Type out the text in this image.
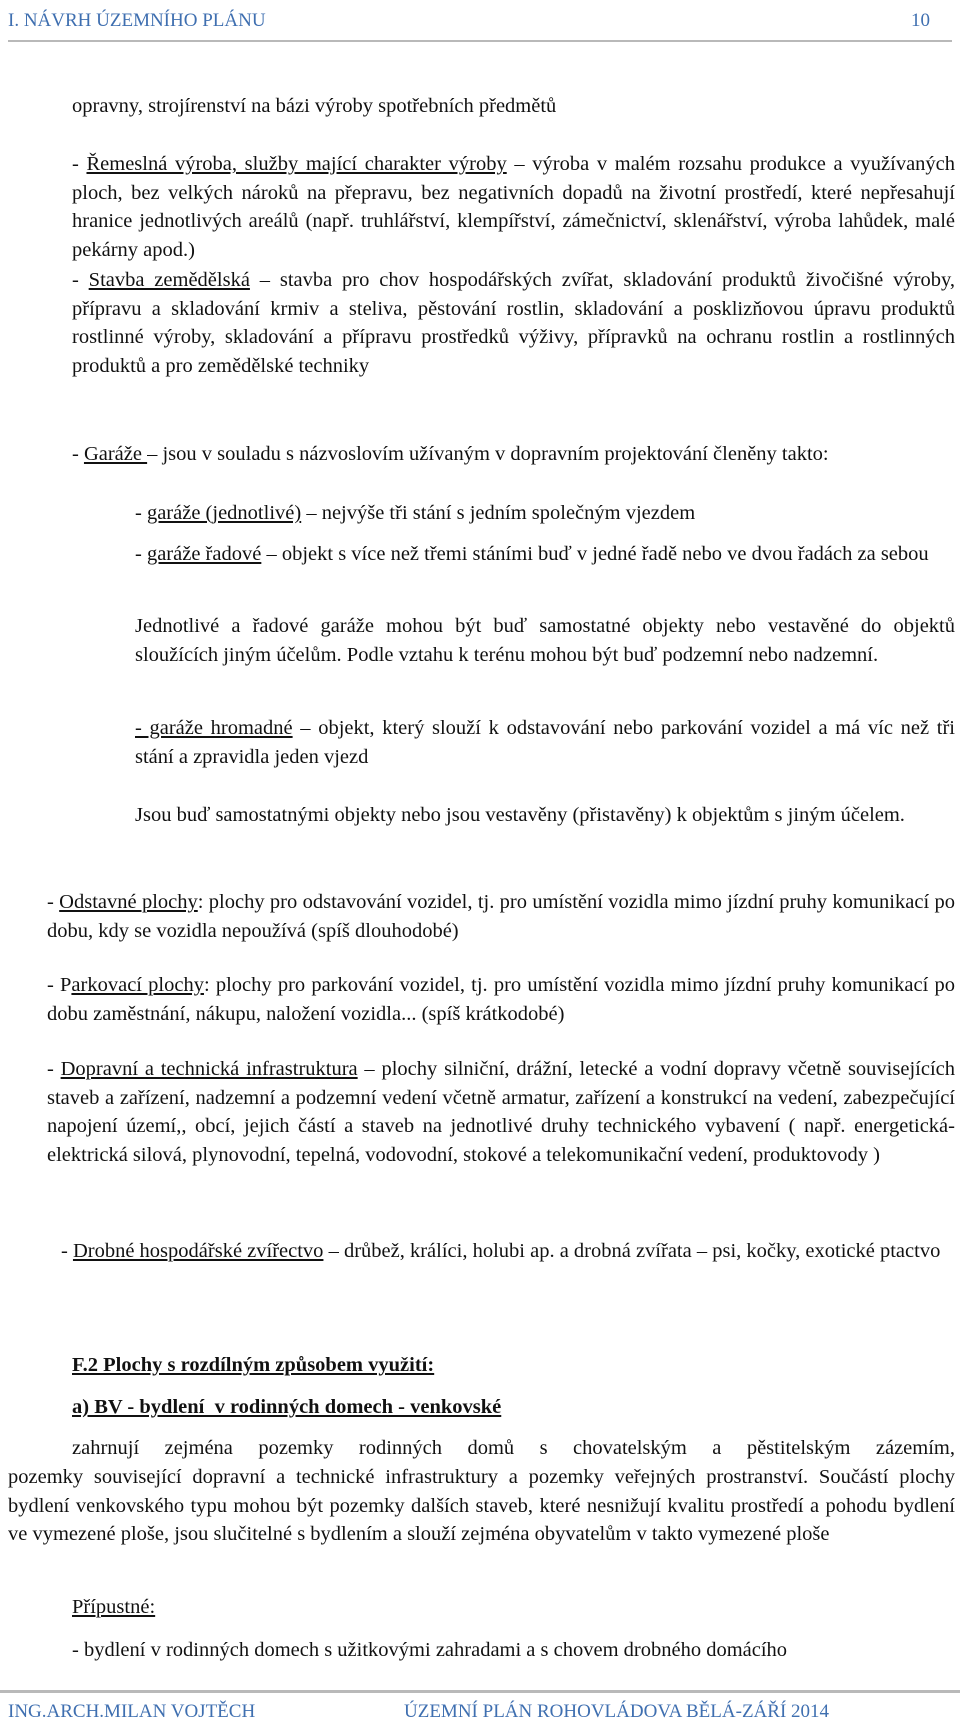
I. NÁVRH ÚZEMNÍHO PLÁNU	10

opravny, strojírenství na bázi výroby spotřebních předmětů

- Řemeslná výroba, služby mající charakter výroby – výroba v malém rozsahu produkce a využívaných ploch, bez velkých nároků na přepravu, bez negativních dopadů na životní prostředí, které nepřesahují hranice jednotlivých areálů (např. truhlářství, klempířství, zámečnictví, sklenářství, výroba lahůdek, malé pekárny apod.)

- Stavba zemědělská – stavba pro chov hospodářských zvířat, skladování produktů živočišné výroby, přípravu a skladování krmiv a steliva, pěstování rostlin, skladování a posklizňovou úpravu produktů rostlinné výroby, skladování a přípravu prostředků výživy, přípravků na ochranu rostlin a rostlinných produktů a pro zemědělské techniky

- Garáže – jsou v souladu s názvoslovím užívaným v dopravním projektování členěny takto:

- garáže (jednotlivé) – nejvýše tři stání s jedním společným vjezdem

- garáže řadové – objekt s více než třemi stáními buď v jedné řadě nebo ve dvou řadách za sebou

Jednotlivé a řadové garáže mohou být buď samostatné objekty nebo vestavěné do objektů sloužících jiným účelům. Podle vztahu k terénu mohou být buď podzemní nebo nadzemní.

- garáže hromadné – objekt, který slouží k odstavování nebo parkování vozidel a má víc než tři stání a zpravidla jeden vjezd

Jsou buď samostatnými objekty nebo jsou vestavěny (přistavěny) k objektům s jiným účelem.

- Odstavné plochy: plochy pro odstavování vozidel, tj. pro umístění vozidla mimo jízdní pruhy komunikací po dobu, kdy se vozidla nepoužívá (spíš dlouhodobé)

- Parkovací plochy: plochy pro parkování vozidel, tj. pro umístění vozidla mimo jízdní pruhy komunikací po dobu zaměstnání, nákupu, naložení vozidla... (spíš krátkodobé)

- Dopravní a technická infrastruktura – plochy silniční, drážní, letecké a vodní dopravy včetně souvisejících staveb a zařízení, nadzemní a podzemní vedení včetně armatur, zařízení a konstrukcí na vedení, zabezpečující napojení území,, obcí, jejich částí a staveb na jednotlivé druhy technického vybavení ( např. energetická-elektrická silová, plynovodní, tepelná, vodovodní, stokové a telekomunikační vedení, produktovody )

- Drobné hospodářské zvířectvo – drůbež, králíci, holubi ap. a drobná zvířata – psi, kočky, exotické ptactvo

F.2 Plochy s rozdílným způsobem využití:

a) BV - bydlení  v rodinných domech - venkovské

zahrnují zejména pozemky rodinných domů s chovatelským a pěstitelským zázemím,

pozemky související dopravní a technické infrastruktury a pozemky veřejných prostranství. Součástí plochy bydlení venkovského typu mohou být pozemky dalších staveb, které nesnižují kvalitu prostředí a pohodu bydlení ve vymezené ploše, jsou slučitelné s bydlením a slouží zejména obyvatelům v takto vymezené ploše

Přípustné:

- bydlení v rodinných domech s užitkovými zahradami a s chovem drobného domácího

ING.ARCH.MILAN VOJTĚCH	ÚZEMNÍ PLÁN ROHOVLÁDOVA BĚLÁ-ZÁŘÍ 2014
